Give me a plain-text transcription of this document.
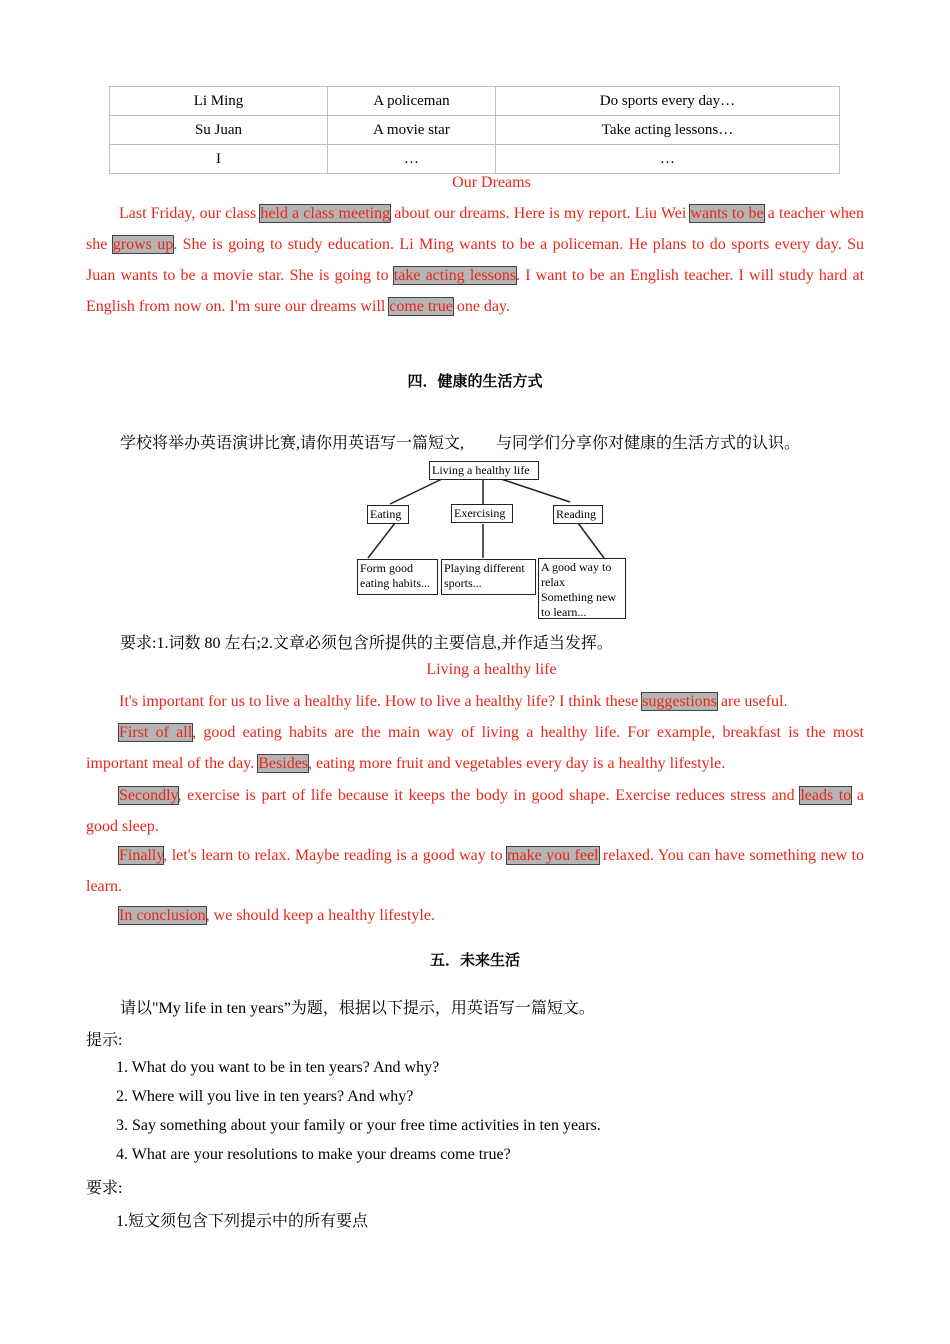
Li Ming	A policeman	Do sports every day…
Su Juan	A movie star	Take acting lessons…
I	…	…
Our Dreams
Last Friday, our class held a class meeting about our dreams. Here is my report. Liu Wei wants to be a teacher when she grows up. She is going to study education. Li Ming wants to be a policeman. He plans to do sports every day. Su Juan wants to be a movie star. She is going to take acting lessons. I want to be an English teacher. I will study hard at English from now on. I'm sure our dreams will come true one day.
四．健康的生活方式
学校将举办英语演讲比赛,请你用英语写一篇短文,　　与同学们分享你对健康的生活方式的认识。
Living a healthy life
Eating	Exercising	Reading
Form good
eating habits...
Playing different
sports...
A good way to
relax
Something new
to learn...
要求:1.词数 80 左右;2.文章必须包含所提供的主要信息,并作适当发挥。
Living a healthy life
It's important for us to live a healthy life. How to live a healthy life? I think these suggestions are useful.
First of all, good eating habits are the main way of living a healthy life. For example, breakfast is the most important meal of the day. Besides, eating more fruit and vegetables every day is a healthy lifestyle.
Secondly, exercise is part of life because it keeps the body in good shape. Exercise reduces stress and leads to a good sleep.
Finally, let's learn to relax. Maybe reading is a good way to make you feel relaxed. You can have something new to learn.
In conclusion, we should keep a healthy lifestyle.
五．未来生活
请以"My life in ten years”为题，根据以下提示，用英语写一篇短文。
提示:
1. What do you want to be in ten years? And why?
2. Where will you live in ten years? And why?
3. Say something about your family or your free time activities in ten years.
4. What are your resolutions to make your dreams come true?
要求:
1.短文须包含下列提示中的所有要点
